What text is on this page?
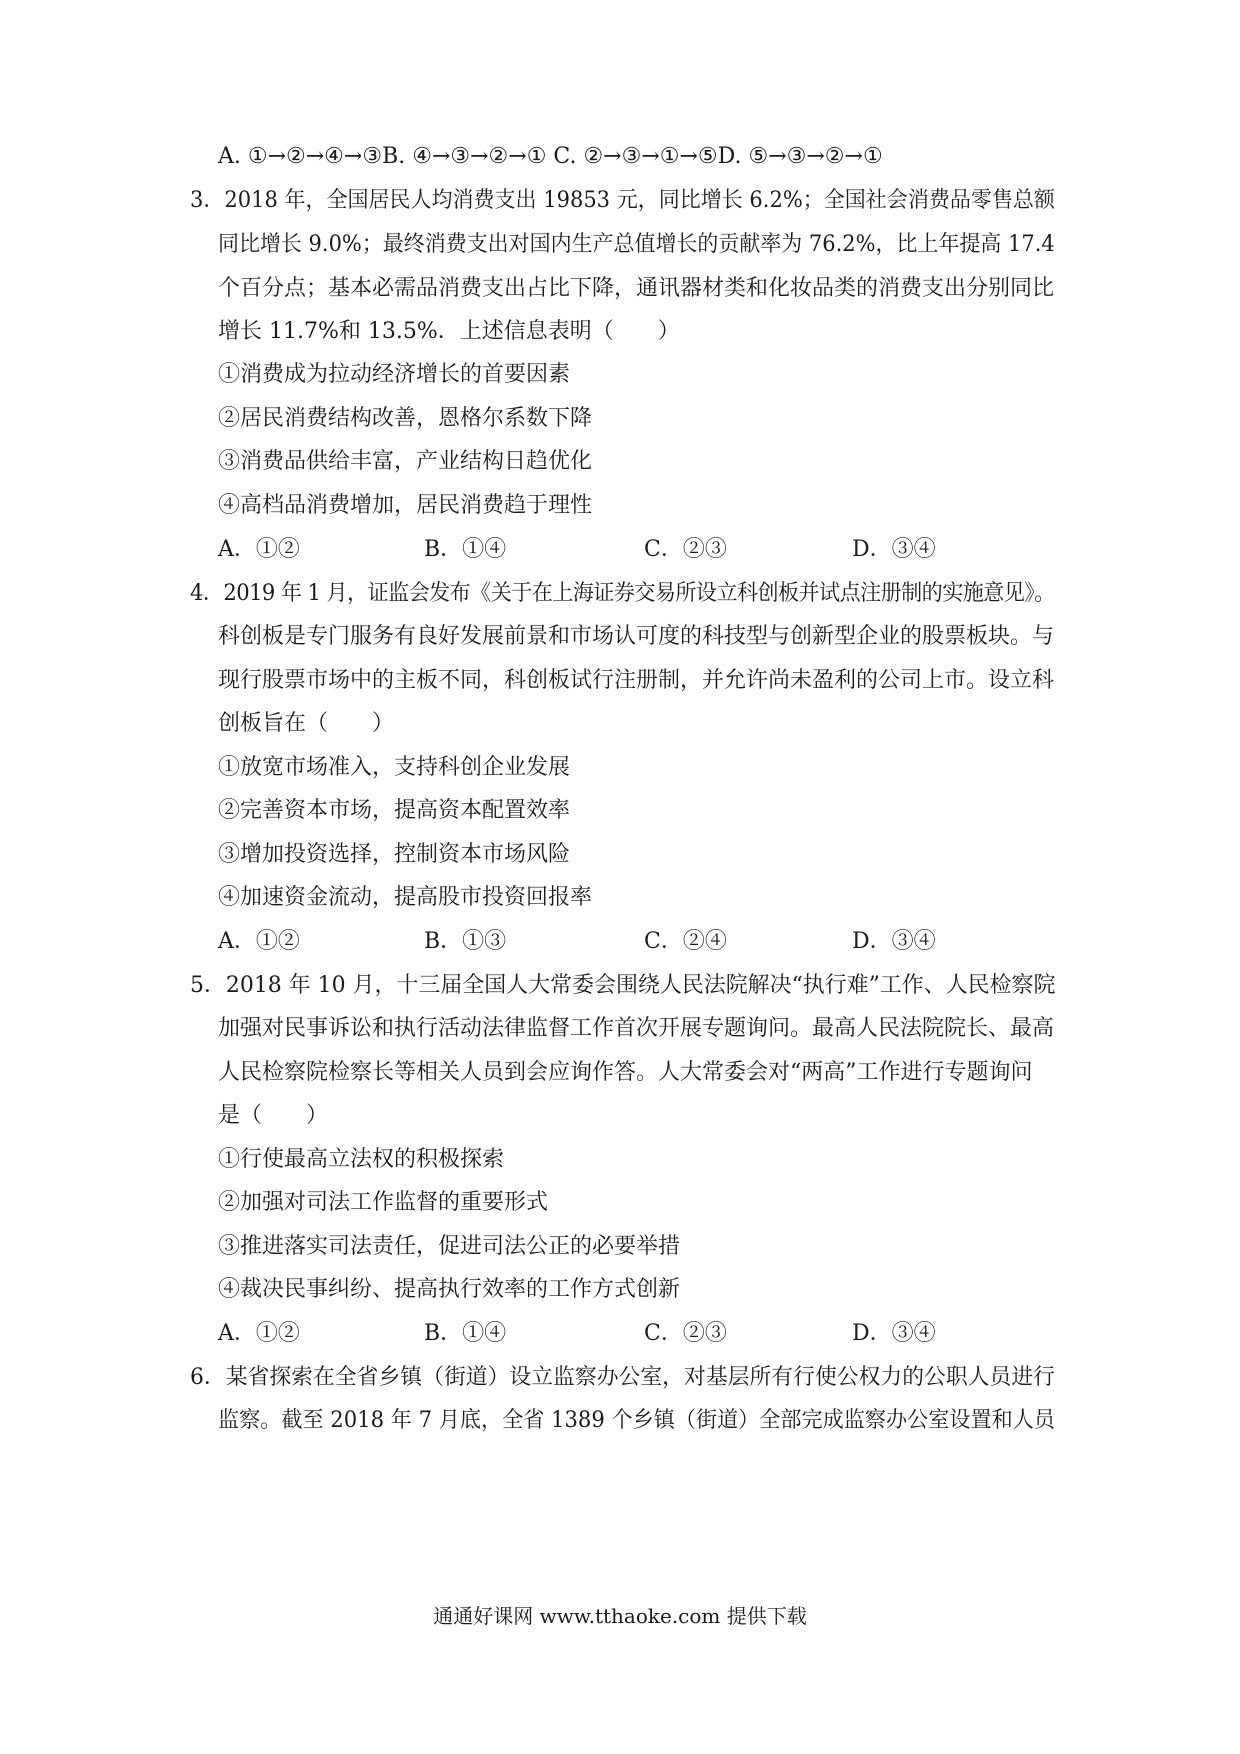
A. ①→②→④→③B. ④→③→②→① C. ②→③→①→⑤D. ⑤→③→②→①
3．2018 年，全国居民人均消费支出 19853 元，同比增长 6.2%；全国社会消费品零售总额
同比增长 9.0%；最终消费支出对国内生产总值增长的贡献率为 76.2%，比上年提高 17.4
个百分点；基本必需品消费支出占比下降，通讯器材类和化妆品类的消费支出分别同比
增长 11.7%和 13.5%．上述信息表明（　　）
①消费成为拉动经济增长的首要因素
②居民消费结构改善，恩格尔系数下降
③消费品供给丰富，产业结构日趋优化
④高档品消费增加，居民消费趋于理性
A．①②	B．①④	C．②③	D．③④
4．2019 年 1 月，证监会发布《关于在上海证券交易所设立科创板并试点注册制的实施意见》。
科创板是专门服务有良好发展前景和市场认可度的科技型与创新型企业的股票板块。与
现行股票市场中的主板不同，科创板试行注册制，并允许尚未盈利的公司上市。设立科
创板旨在（　　）
①放宽市场准入，支持科创企业发展
②完善资本市场，提高资本配置效率
③增加投资选择，控制资本市场风险
④加速资金流动，提高股市投资回报率
A．①②	B．①③	C．②④	D．③④
5．2018 年 10 月，十三届全国人大常委会围绕人民法院解决“执行难”工作、人民检察院
加强对民事诉讼和执行活动法律监督工作首次开展专题询问。最高人民法院院长、最高
人民检察院检察长等相关人员到会应询作答。人大常委会对“两高”工作进行专题询问
是（　　）
①行使最高立法权的积极探索
②加强对司法工作监督的重要形式
③推进落实司法责任，促进司法公正的必要举措
④裁决民事纠纷、提高执行效率的工作方式创新
A．①②	B．①④	C．②③	D．③④
6．某省探索在全省乡镇（街道）设立监察办公室，对基层所有行使公权力的公职人员进行
监察。截至 2018 年 7 月底，全省 1389 个乡镇（街道）全部完成监察办公室设置和人员
通通好课网 www.tthaoke.com 提供下载
